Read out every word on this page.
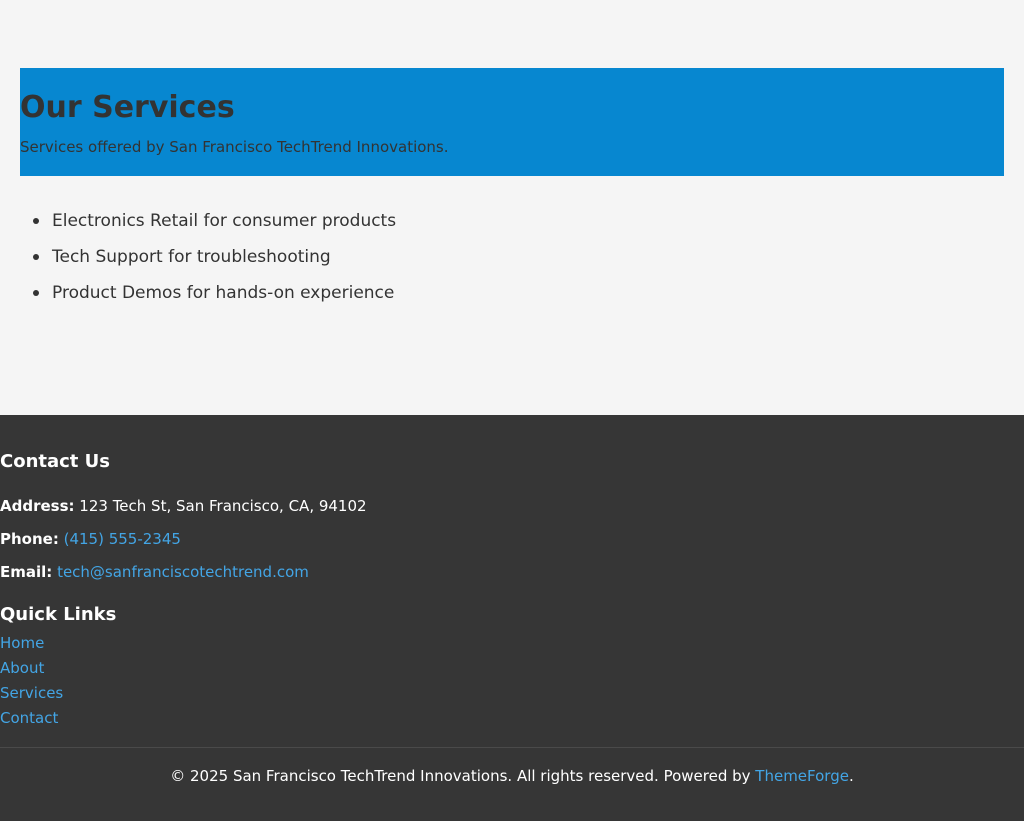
Our Services

Services offered by San Francisco TechTrend Innovations.

Electronics Retail for consumer products
Tech Support for troubleshooting
Product Demos for hands-on experience
Contact Us

Address: 123 Tech St, San Francisco, CA, 94102

Phone: (415) 555-2345

Email: tech@sanfranciscotechtrend.com

Quick Links
Home
About
Services
Contact

© 2025 San Francisco TechTrend Innovations. All rights reserved. Powered by ThemeForge.
